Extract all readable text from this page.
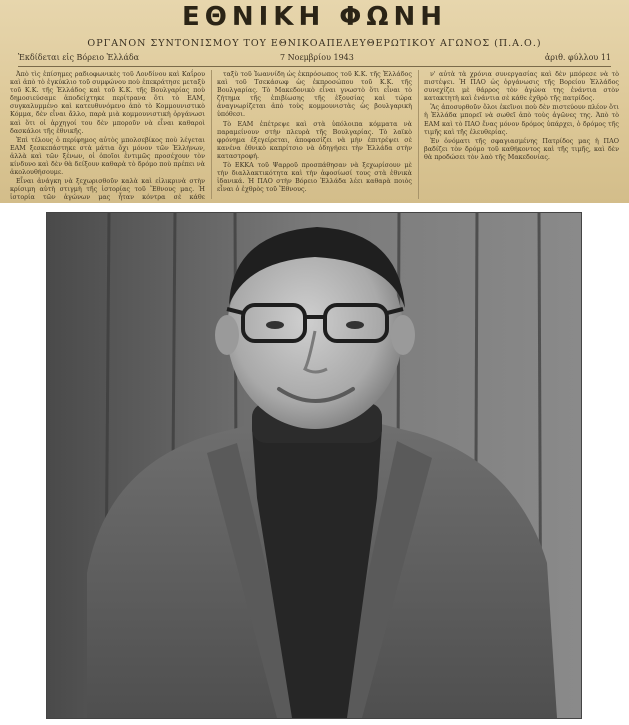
ΕΘΝΙΚΗ ΦΩΝΗ
ΟΡΓΑΝΟΝ ΣΥΝΤΟΝΙΣΜΟΥ ΤΟΥ ΕΘΝΙΚΟΑΠΕΛΕΥΘΕΡΩΤΙΚΟΥ ΑΓΩΝΟΣ (Π.Α.Ο.)
Ἐκδίδεται εἰς Βόρειο Ἑλλάδα	7 Νοεμβρίου 1943	ἀριθ. φύλλου 11

Ἀπὸ τὶς ἐπίσημες ραδιοφωνικὲς τοῦ Λονδίνου καὶ Καΐρου καὶ ἀπὸ τὸ ἐγκύκλιο τοῦ συμφώνου ποὺ ἐπεκράτησε μεταξὺ τοῦ Κ.Κ. τῆς Ἑλλάδος καὶ τοῦ Κ.Κ. τῆς Βουλγαρίας ποὺ δημοσιεύσαμε ἀποδείχτηκε περίτρανα ὅτι τὸ ΕΑΜ, συγκαλυμμένο καὶ κατευθυνόμενο ἀπὸ τὸ Κομμουνιστικὸ Κόμμα, δὲν εἶναι ἄλλο, παρὰ μιὰ κομμουνιστικὴ ὀργάνωσι καὶ ὅτι οἱ ἀρχηγοί του δὲν μποροῦν νὰ εἶναι καθαροὶ δασκάλοι τῆς ἐθνικῆς.

Ἐπὶ τέλους ὁ περίφημος αὐτὸς μπολσεβίκος ποὺ λέγεται ΕΑΜ ξεσκεπάστηκε στὰ μάτια ὄχι μόνον τῶν Ἑλλήνων, ἀλλὰ καὶ τῶν ξένων, οἱ ὁποῖοι ἐντιμῶς προσέχουν τὸν κίνδυνο καὶ δὲν θὰ δείξουν καθαρὰ τὸ δρόμο ποὺ πρέπει νὰ ἀκολουθήσουμε.

Εἶναι ἀνάγκη νὰ ξεχωρισθοῦν καλὰ καὶ εἰλικρινὰ στὴν κρίσιμη αὐτὴ στιγμὴ τῆς ἱστορίας τοῦ Ἔθνους μας. Ἡ ἱστορία τῶν ἀγώνων μας ἦταν κόντρα σὲ κάθε

ταξὺ τοῦ Ἰωαννίδη ὡς ἐκπρόσωπος τοῦ Κ.Κ. τῆς Ἑλλάδος καὶ τοῦ Τσεκάσωφ ὡς ἐκπροσώπου τοῦ Κ.Κ. τῆς Βουλγαρίας. Τὸ Μακεδονικὸ εἶναι γνωστὸ ὅτι εἶναι τὸ ζήτημα τῆς ἐπιβίωσης τῆς ἐξουσίας καὶ τώρα ἀναγνωρίζεται ἀπὸ τοὺς κομμουνιστὰς ὡς βουλγαρικὴ ὑπόθεσι.

Τὸ ΕΑΜ ἐπέτρεψε καὶ στὰ ὑπόλοιπα κόμματα νὰ παραμείνουν στὴν πλευρὰ τῆς Βουλγαρίας. Τὸ λαϊκὸ φρόνημα ἐξεγείρεται, ἀποφασίζει νὰ μὴν ἐπιτρέψει σὲ κανένα ἐθνικὸ καπρίτσιο νὰ ὁδηγήσει τὴν Ἑλλάδα στὴν καταστροφή.

Τὸ ΕΚΚΑ τοῦ Ψαρροῦ προσπάθησαν νὰ ξεχωρίσουν μὲ τὴν διαλλακτικότητα καὶ τὴν ἀφοσίωσί τους στὰ ἐθνικὰ ἰδανικά. Ἡ ΠΑΟ στὴν Βόρειο Ἑλλάδα λέει καθαρὰ ποιὸς εἶναι ὁ ἐχθρὸς τοῦ Ἔθνους.

ν' αὐτὰ τὰ χρόνια συνεργασίας καὶ δὲν μπόρεσε νὰ τὸ πιστέψει. Ἡ ΠΑΟ ὡς ὀργάνωσις τῆς Βορείου Ἑλλάδος συνεχίζει μὲ θάρρος τὸν ἀγώνα της ἐνάντια στὸν κατακτητὴ καὶ ἐνάντια σὲ κάθε ἐχθρὸ τῆς πατρίδος.

Ἂς ἀποσυρθοῦν ὅλοι ἐκεῖνοι ποὺ δὲν πιστεύουν πλέον ὅτι ἡ Ἑλλάδα μπορεῖ νὰ σωθεῖ ἀπὸ τοὺς ἀγῶνες της. Ἀπὸ τὸ ΕΑΜ καὶ τὸ ΠΑΟ ἕνας μόνον δρόμος ὑπάρχει, ὁ δρόμος τῆς τιμῆς καὶ τῆς ἐλευθερίας.

Ἐν ὀνόματι τῆς σφαγιασμένης Πατρίδος μας ἡ ΠΑΟ βαδίζει τὸν δρόμο τοῦ καθήκοντος καὶ τῆς τιμῆς, καὶ δὲν θὰ προδώσει τὸν λαὸ τῆς Μακεδονίας.
